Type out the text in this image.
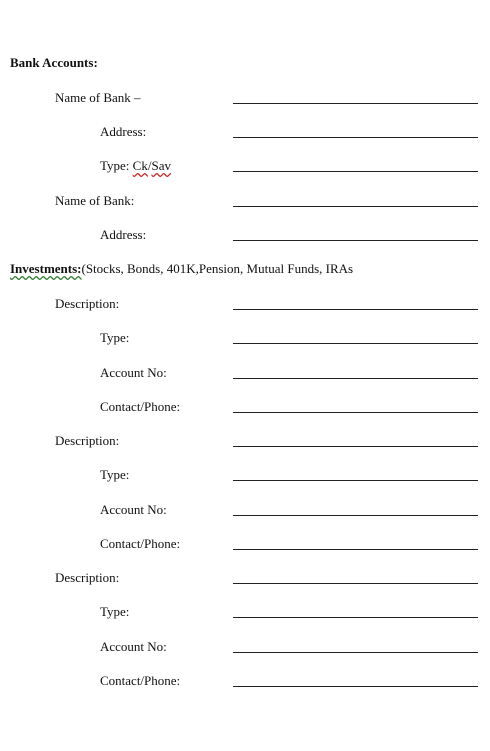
Bank Accounts:
Name of Bank –
Address:
Type: Ck/Sav
Name of Bank:
Address:
Investments:(Stocks, Bonds, 401K,Pension, Mutual Funds, IRAs
Description:
Type:
Account No:
Contact/Phone:
Description:
Type:
Account No:
Contact/Phone:
Description:
Type:
Account No:
Contact/Phone:
